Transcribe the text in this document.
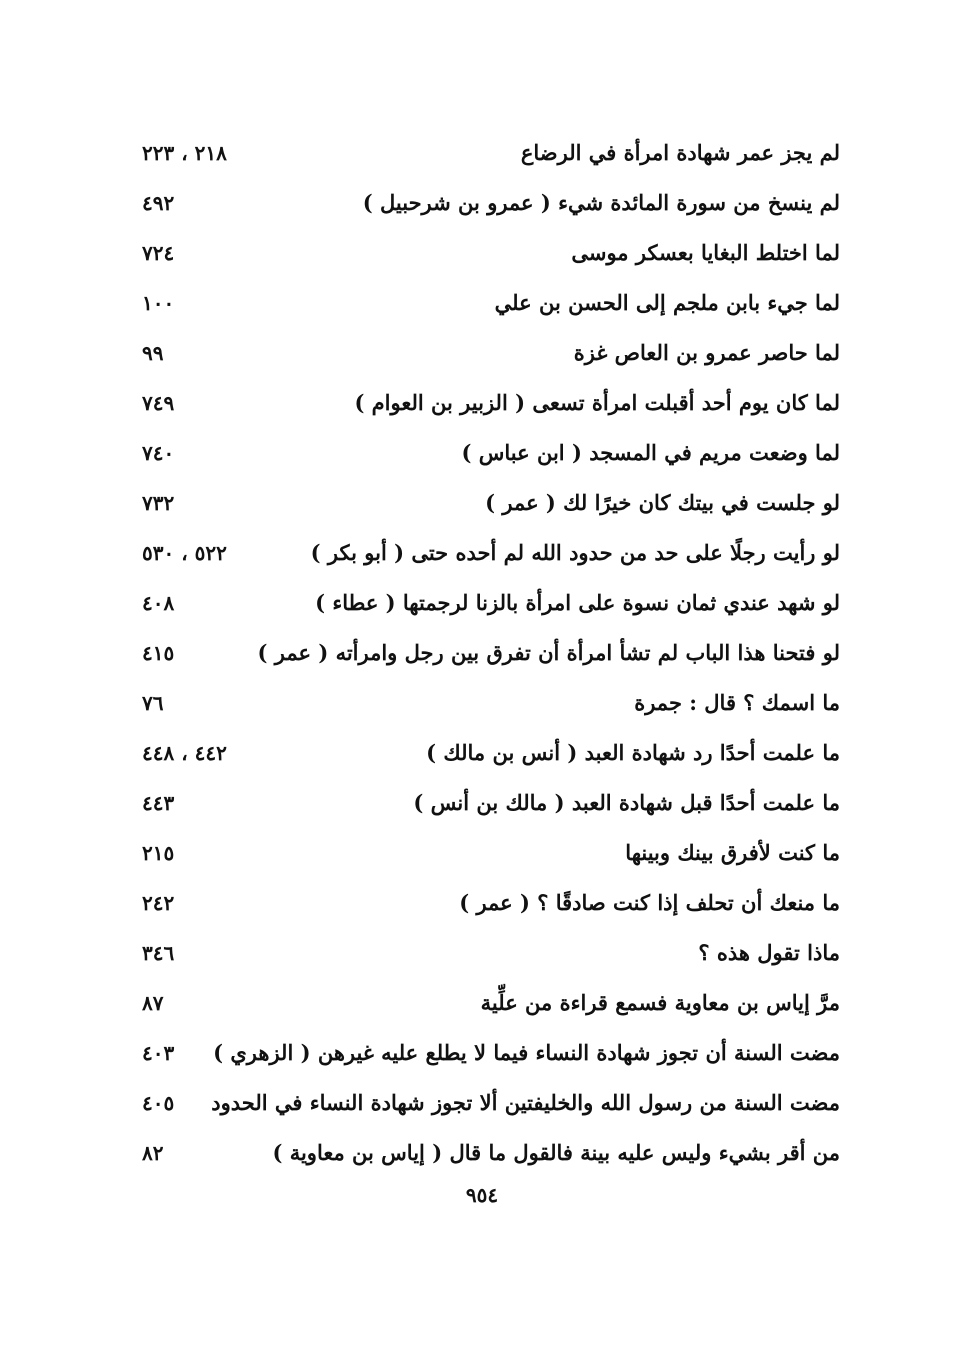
لم يجز عمر شهادة امرأة في الرضاع
٢١٨ ، ٢٢٣
لم ينسخ من سورة المائدة شيء ( عمرو بن شرحبيل )
٤٩٢
لما اختلط البغايا بعسكر موسى
٧٢٤
لما جيء بابن ملجم إلى الحسن بن علي
١٠٠
لما حاصر عمرو بن العاص غزة
٩٩
لما كان يوم أحد أقبلت امرأة تسعى ( الزبير بن العوام )
٧٤٩
لما وضعت مريم في المسجد ( ابن عباس )
٧٤٠
لو جلست في بيتك كان خيرًا لك ( عمر )
٧٣٢
لو رأيت رجلًا على حد من حدود الله لم أحده حتى ( أبو بكر )
٥٢٢ ، ٥٣٠
لو شهد عندي ثمان نسوة على امرأة بالزنا لرجمتها ( عطاء )
٤٠٨
لو فتحنا هذا الباب لم تشأ امرأة أن تفرق بين رجل وامرأته ( عمر )
٤١٥
ما اسمك ؟ قال : جمرة
٧٦
ما علمت أحدًا رد شهادة العبد ( أنس بن مالك )
٤٤٢ ، ٤٤٨
ما علمت أحدًا قبل شهادة العبد ( مالك بن أنس )
٤٤٣
ما كنت لأفرق بينك وبينها
٢١٥
ما منعك أن تحلف إذا كنت صادقًا ؟ ( عمر )
٢٤٢
ماذا تقول هذه ؟
٣٤٦
مرَّ إياس بن معاوية فسمع قراءة من علِّية
٨٧
مضت السنة أن تجوز شهادة النساء فيما لا يطلع عليه غيرهن ( الزهري )
٤٠٣
مضت السنة من رسول الله والخليفتين ألا تجوز شهادة النساء في الحدود
٤٠٥
من أقر بشيء وليس عليه بينة فالقول ما قال ( إياس بن معاوية )
٨٢
٩٥٤
